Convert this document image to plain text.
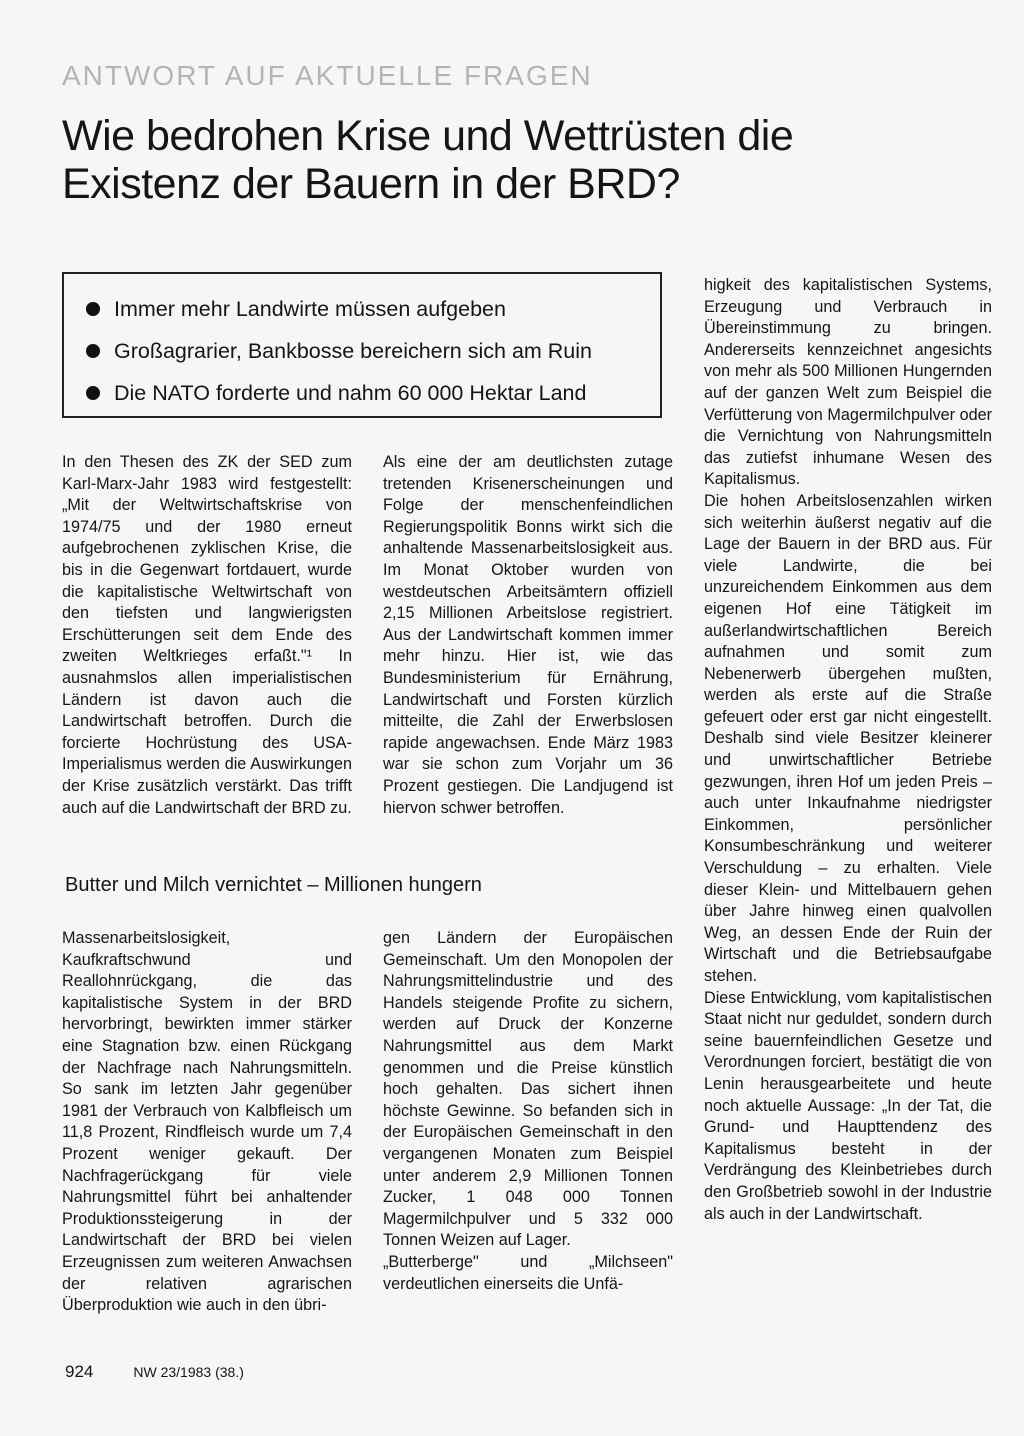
ANTWORT AUF AKTUELLE FRAGEN
Wie bedrohen Krise und Wettrüsten die Existenz der Bauern in der BRD?
Immer mehr Landwirte müssen aufgeben
Großagrarier, Bankbosse bereichern sich am Ruin
Die NATO forderte und nahm 60 000 Hektar Land

In den Thesen des ZK der SED zum Karl-Marx-Jahr 1983 wird festgestellt: „Mit der Weltwirtschaftskrise von 1974/75 und der 1980 erneut aufgebrochenen zyklischen Krise, die bis in die Gegenwart fortdauert, wurde die kapitalistische Weltwirtschaft von den tiefsten und langwierigsten Erschütterungen seit dem Ende des zweiten Weltkrieges erfaßt."¹ In ausnahmslos allen imperialistischen Ländern ist davon auch die Landwirtschaft betroffen. Durch die forcierte Hochrüstung des USA-Imperialismus werden die Auswirkungen der Krise zusätzlich verstärkt. Das trifft auch auf die Landwirtschaft der BRD zu.

Als eine der am deutlichsten zutage tretenden Krisenerscheinungen und Folge der menschenfeindlichen Regierungspolitik Bonns wirkt sich die anhaltende Massenarbeitslosigkeit aus. Im Monat Oktober wurden von westdeutschen Arbeitsämtern offiziell 2,15 Millionen Arbeitslose registriert. Aus der Landwirtschaft kommen immer mehr hinzu. Hier ist, wie das Bundesministerium für Ernährung, Landwirtschaft und Forsten kürzlich mitteilte, die Zahl der Erwerbslosen rapide angewachsen. Ende März 1983 war sie schon zum Vorjahr um 36 Prozent gestiegen. Die Landjugend ist hiervon schwer betroffen.

higkeit des kapitalistischen Systems, Erzeugung und Verbrauch in Übereinstimmung zu bringen. Andererseits kennzeichnet angesichts von mehr als 500 Millionen Hungernden auf der ganzen Welt zum Beispiel die Verfütterung von Magermilchpulver oder die Vernichtung von Nahrungsmitteln das zutiefst inhumane Wesen des Kapitalismus.

Die hohen Arbeitslosenzahlen wirken sich weiterhin äußerst negativ auf die Lage der Bauern in der BRD aus. Für viele Landwirte, die bei unzureichendem Einkommen aus dem eigenen Hof eine Tätigkeit im außerlandwirtschaftlichen Bereich aufnahmen und somit zum Nebenerwerb übergehen mußten, werden als erste auf die Straße gefeuert oder erst gar nicht eingestellt. Deshalb sind viele Besitzer kleinerer und unwirtschaftlicher Betriebe gezwungen, ihren Hof um jeden Preis – auch unter Inkaufnahme niedrigster Einkommen, persönlicher Konsumbeschränkung und weiterer Verschuldung – zu erhalten. Viele dieser Klein- und Mittelbauern gehen über Jahre hinweg einen qualvollen Weg, an dessen Ende der Ruin der Wirtschaft und die Betriebsaufgabe stehen.

Diese Entwicklung, vom kapitalistischen Staat nicht nur geduldet, sondern durch seine bauernfeindlichen Gesetze und Verordnungen forciert, bestätigt die von Lenin herausgearbeitete und heute noch aktuelle Aussage: „In der Tat, die Grund- und Haupttendenz des Kapitalismus besteht in der Verdrängung des Kleinbetriebes durch den Großbetrieb sowohl in der Industrie als auch in der Landwirtschaft.

Butter und Milch vernichtet – Millionen hungern

Massenarbeitslosigkeit, Kaufkraftschwund und Reallohnrückgang, die das kapitalistische System in der BRD hervorbringt, bewirkten immer stärker eine Stagnation bzw. einen Rückgang der Nachfrage nach Nahrungsmitteln. So sank im letzten Jahr gegenüber 1981 der Verbrauch von Kalbfleisch um 11,8 Prozent, Rindfleisch wurde um 7,4 Prozent weniger gekauft. Der Nachfragerückgang für viele Nahrungsmittel führt bei anhaltender Produktionssteigerung in der Landwirtschaft der BRD bei vielen Erzeugnissen zum weiteren Anwachsen der relativen agrarischen Überproduktion wie auch in den übri-

gen Ländern der Europäischen Gemeinschaft. Um den Monopolen der Nahrungsmittelindustrie und des Handels steigende Profite zu sichern, werden auf Druck der Konzerne Nahrungsmittel aus dem Markt genommen und die Preise künstlich hoch gehalten. Das sichert ihnen höchste Gewinne. So befanden sich in der Europäischen Gemeinschaft in den vergangenen Monaten zum Beispiel unter anderem 2,9 Millionen Tonnen Zucker, 1 048 000 Tonnen Magermilchpulver und 5 332 000 Tonnen Weizen auf Lager.

„Butterberge" und „Milchseen" verdeutlichen einerseits die Unfä-

924	NW 23/1983 (38.)
